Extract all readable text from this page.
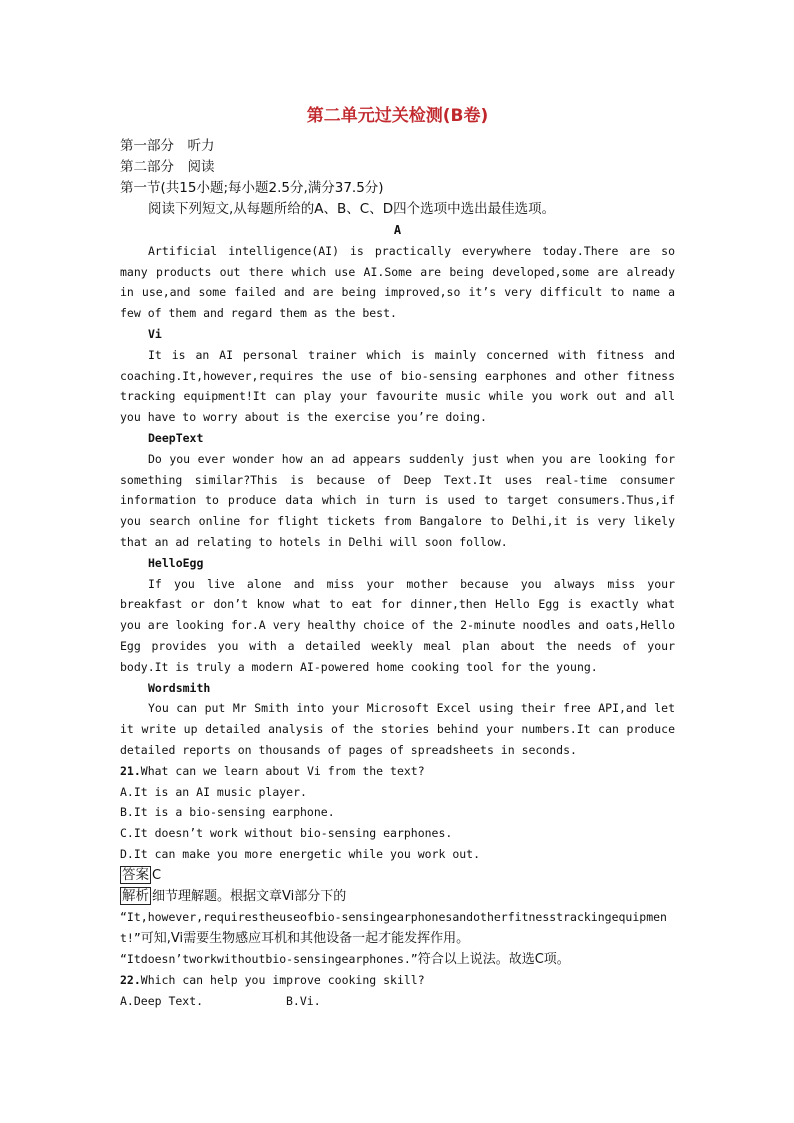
第二单元过关检测(B卷)

第一部分　听力

第二部分　阅读

第一节(共15小题;每小题2.5分,满分37.5分)

阅读下列短文,从每题所给的A、B、C、D四个选项中选出最佳选项。

A

Artificial intelligence(AI) is practically everywhere today.There are so many products out there which use AI.Some are being developed,some are already in use,and some failed and are being improved,so it’s very difficult to name a few of them and regard them as the best.

Vi

It is an AI personal trainer which is mainly concerned with fitness and coaching.It,however,requires the use of bio-sensing earphones and other fitness tracking equipment!It can play your favourite music while you work out and all you have to worry about is the exercise you’re doing.

DeepText

Do you ever wonder how an ad appears suddenly just when you are looking for something similar?This is because of Deep Text.It uses real-time consumer information to produce data which in turn is used to target consumers.Thus,if you search online for flight tickets from Bangalore to Delhi,it is very likely that an ad relating to hotels in Delhi will soon follow.

HelloEgg

If you live alone and miss your mother because you always miss your breakfast or don’t know what to eat for dinner,then Hello Egg is exactly what you are looking for.A very healthy choice of the 2-minute noodles and oats,Hello Egg provides you with a detailed weekly meal plan about the needs of your body.It is truly a modern AI-powered home cooking tool for the young.

Wordsmith

You can put Mr Smith into your Microsoft Excel using their free API,and let it write up detailed analysis of the stories behind your numbers.It can produce detailed reports on thousands of pages of spreadsheets in seconds.

21.What can we learn about Vi from the text?

A.It is an AI music player.

B.It is a bio-sensing earphone.

C.It doesn’t work without bio-sensing earphones.

D.It can make you more energetic while you work out.

答案 C

解析 细节理解题。根据文章Vi部分下的
“It,however,requirestheuseofbio-sensingearphonesandotherfitnesstrackingequipment!”可知,Vi需要生物感应耳机和其他设备一起才能发挥作用。
“Itdoesn’tworkwithoutbio-sensingearphones.”符合以上说法。故选C项。

22.Which can help you improve cooking skill?

A.Deep Text.	B.Vi.
